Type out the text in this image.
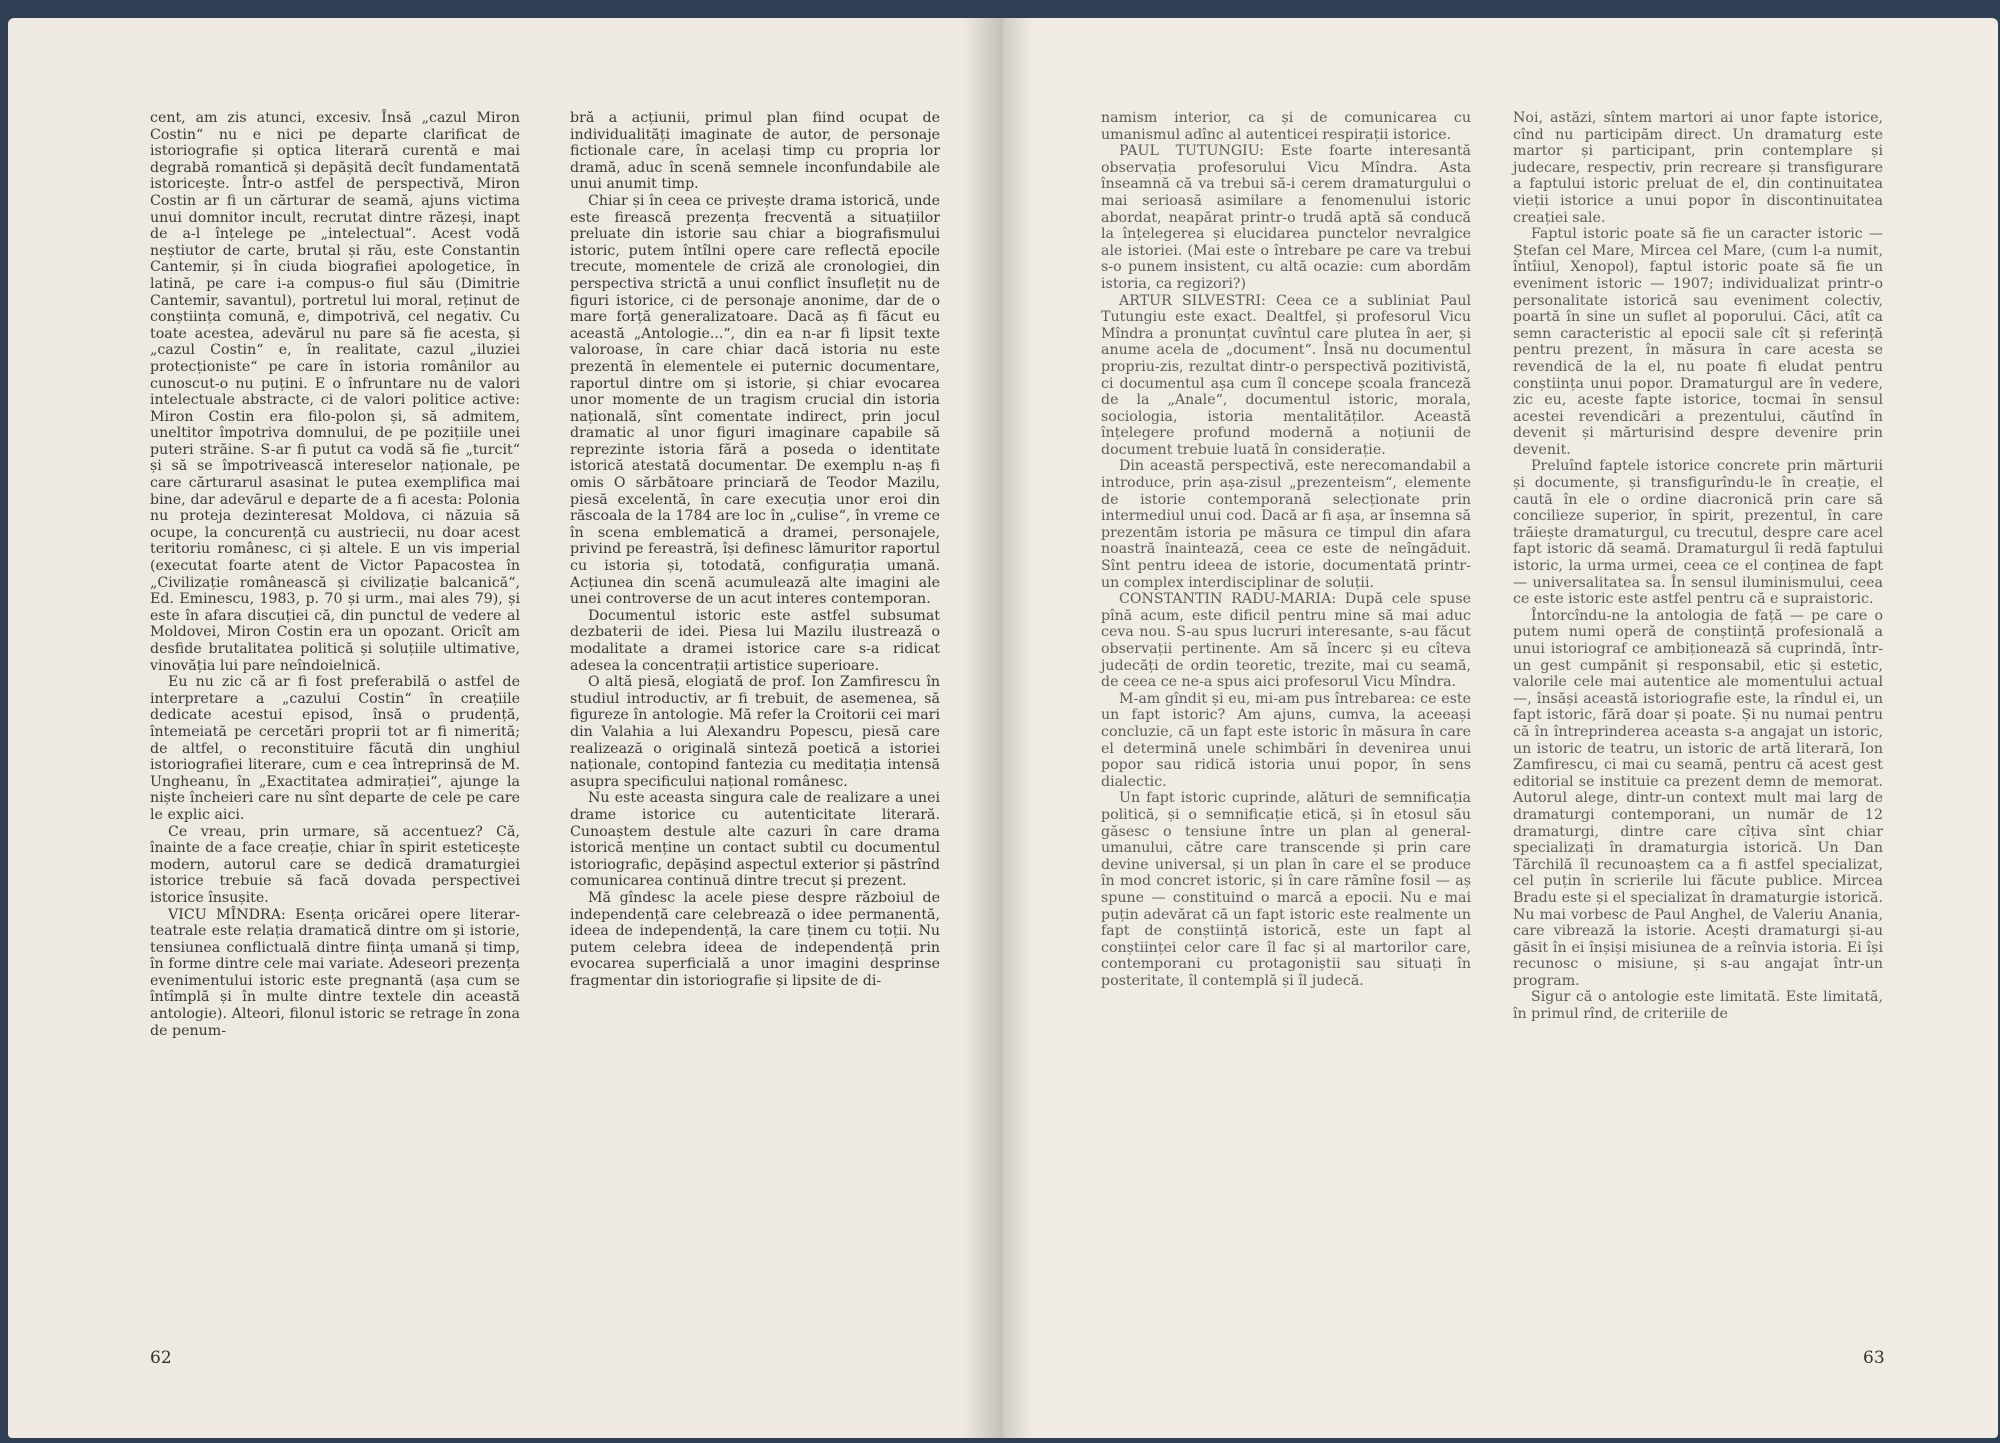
cent, am zis atunci, excesiv. Însă „cazul Miron Costin“ nu e nici pe departe clarificat de istoriografie și optica literară curentă e mai degrabă romantică și depășită decît fundamentată istoricește. Într-o astfel de perspectivă, Miron Costin ar fi un cărturar de seamă, ajuns victima unui domnitor incult, recrutat dintre răzeși, inapt de a-l înțelege pe „intelectual“. Acest vodă neștiutor de carte, brutal și rău, este Constantin Cantemir, și în ciuda biografiei apologetice, în latină, pe care i-a compus-o fiul său (Dimitrie Cantemir, savantul), portretul lui moral, reținut de conștiința comună, e, dimpotrivă, cel negativ. Cu toate acestea, adevărul nu pare să fie acesta, și „cazul Costin“ e, în realitate, cazul „iluziei protecționiste“ pe care în istoria românilor au cunoscut-o nu puțini. E o înfruntare nu de valori intelectuale abstracte, ci de valori politice active: Miron Costin era filo-polon și, să admitem, uneltitor împotriva domnului, de pe pozițiile unei puteri străine. S-ar fi putut ca vodă să fie „turcit“ și să se împotrivească intereselor naționale, pe care cărturarul asasinat le putea exemplifica mai bine, dar adevărul e departe de a fi acesta: Polonia nu proteja dezinteresat Moldova, ci năzuia să ocupe, la concurență cu austriecii, nu doar acest teritoriu românesc, ci și altele. E un vis imperial (executat foarte atent de Victor Papacostea în „Civilizație românească și civilizație balcanică“, Ed. Eminescu, 1983, p. 70 și urm., mai ales 79), și este în afara discuției că, din punctul de vedere al Moldovei, Miron Costin era un opozant. Oricît am desfide brutalitatea politică și soluțiile ultimative, vinovăția lui pare neîndoielnică.

Eu nu zic că ar fi fost preferabilă o astfel de interpretare a „cazului Costin“ în creațiile dedicate acestui episod, însă o prudență, întemeiată pe cercetări proprii tot ar fi nimerită; de altfel, o reconstituire făcută din unghiul istoriografiei literare, cum e cea întreprinsă de M. Ungheanu, în „Exactitatea admirației“, ajunge la niște încheieri care nu sînt departe de cele pe care le explic aici.

Ce vreau, prin urmare, să accentuez? Că, înainte de a face creație, chiar în spirit esteticește modern, autorul care se dedică dramaturgiei istorice trebuie să facă dovada perspectivei istorice însușite.

VICU MÎNDRA: Esența oricărei opere literar-teatrale este relația dramatică dintre om și istorie, tensiunea conflictuală dintre ființa umană și timp, în forme dintre cele mai variate. Adeseori prezența evenimentului istoric este pregnantă (așa cum se întîmplă și în multe dintre textele din această antologie). Alteori, filonul istoric se retrage în zona de penum-

bră a acțiunii, primul plan fiind ocupat de individualități imaginate de autor, de personaje fictionale care, în același timp cu propria lor dramă, aduc în scenă semnele inconfundabile ale unui anumit timp.

Chiar și în ceea ce privește drama istorică, unde este firească prezența frecventă a situațiilor preluate din istorie sau chiar a biografismului istoric, putem întîlni opere care reflectă epocile trecute, momentele de criză ale cronologiei, din perspectiva strictă a unui conflict însuflețit nu de figuri istorice, ci de personaje anonime, dar de o mare forță generalizatoare. Dacă aș fi făcut eu această „Antologie...“, din ea n-ar fi lipsit texte valoroase, în care chiar dacă istoria nu este prezentă în elementele ei puternic documentare, raportul dintre om și istorie, și chiar evocarea unor momente de un tragism crucial din istoria națională, sînt comentate indirect, prin jocul dramatic al unor figuri imaginare capabile să reprezinte istoria fără a poseda o identitate istorică atestată documentar. De exemplu n-aș fi omis O sărbătoare princiară de Teodor Mazilu, piesă excelentă, în care execuția unor eroi din răscoala de la 1784 are loc în „culise“, în vreme ce în scena emblematică a dramei, personajele, privind pe fereastră, își definesc lămuritor raportul cu istoria și, totodată, configurația umană. Acțiunea din scenă acumulează alte imagini ale unei controverse de un acut interes contemporan.

Documentul istoric este astfel subsumat dezbaterii de idei. Piesa lui Mazilu ilustrează o modalitate a dramei istorice care s-a ridicat adesea la concentrații artistice superioare.

O altă piesă, elogiată de prof. Ion Zamfirescu în studiul introductiv, ar fi trebuit, de asemenea, să figureze în antologie. Mă refer la Croitorii cei mari din Valahia a lui Alexandru Popescu, piesă care realizează o originală sinteză poetică a istoriei naționale, contopind fantezia cu meditația intensă asupra specificului național românesc.

Nu este aceasta singura cale de realizare a unei drame istorice cu autenticitate literară. Cunoaștem destule alte cazuri în care drama istorică menține un contact subtil cu documentul istoriografic, depășind aspectul exterior și păstrînd comunicarea continuă dintre trecut și prezent.

Mă gîndesc la acele piese despre războiul de independență care celebrează o idee permanentă, ideea de independență, la care ținem cu toții. Nu putem celebra ideea de independență prin evocarea superficială a unor imagini desprinse fragmentar din istoriografie și lipsite de di-

62

namism interior, ca și de comunicarea cu umanismul adînc al autenticei respirații istorice.

PAUL TUTUNGIU: Este foarte interesantă observația profesorului Vicu Mîndra. Asta înseamnă că va trebui să-i cerem dramaturgului o mai serioasă asimilare a fenomenului istoric abordat, neapărat printr-o trudă aptă să conducă la înțelegerea și elucidarea punctelor nevralgice ale istoriei. (Mai este o întrebare pe care va trebui s-o punem insistent, cu altă ocazie: cum abordăm istoria, ca regizori?)

ARTUR SILVESTRI: Ceea ce a subliniat Paul Tutungiu este exact. Dealtfel, și profesorul Vicu Mîndra a pronunțat cuvîntul care plutea în aer, și anume acela de „document“. Însă nu documentul propriu-zis, rezultat dintr-o perspectivă pozitivistă, ci documentul așa cum îl concepe școala franceză de la „Anale“, documentul istoric, morala, sociologia, istoria mentalităților. Această înțelegere profund modernă a noțiunii de document trebuie luată în considerație.

Din această perspectivă, este nerecomandabil a introduce, prin așa-zisul „prezenteism“, elemente de istorie contemporană selecționate prin intermediul unui cod. Dacă ar fi așa, ar însemna să prezentăm istoria pe măsura ce timpul din afara noastră înaintează, ceea ce este de neîngăduit. Sînt pentru ideea de istorie, documentată printr-un complex interdisciplinar de soluții.

CONSTANTIN RADU-MARIA: După cele spuse pînă acum, este dificil pentru mine să mai aduc ceva nou. S-au spus lucruri interesante, s-au făcut observații pertinente. Am să încerc și eu cîteva judecăți de ordin teoretic, trezite, mai cu seamă, de ceea ce ne-a spus aici profesorul Vicu Mîndra.

M-am gîndit și eu, mi-am pus întrebarea: ce este un fapt istoric? Am ajuns, cumva, la aceeași concluzie, că un fapt este istoric în măsura în care el determină unele schimbări în devenirea unui popor sau ridică istoria unui popor, în sens dialectic.

Un fapt istoric cuprinde, alături de semnificația politică, și o semnificație etică, și în etosul său găsesc o tensiune între un plan al general-umanului, către care transcende și prin care devine universal, și un plan în care el se produce în mod concret istoric, și în care rămîne fosil — aș spune — constituind o marcă a epocii. Nu e mai puțin adevărat că un fapt istoric este realmente un fapt de conștiință istorică, este un fapt al conștiinței celor care îl fac și al martorilor care, contemporani cu protagoniștii sau situați în posteritate, îl contemplă și îl judecă.

Noi, astăzi, sîntem martori ai unor fapte istorice, cînd nu participăm direct. Un dramaturg este martor și participant, prin contemplare și judecare, respectiv, prin recreare și transfigurare a faptului istoric preluat de el, din continuitatea vieții istorice a unui popor în discontinuitatea creației sale.

Faptul istoric poate să fie un caracter istoric — Ștefan cel Mare, Mircea cel Mare, (cum l-a numit, întîiul, Xenopol), faptul istoric poate să fie un eveniment istoric — 1907; individualizat printr-o personalitate istorică sau eveniment colectiv, poartă în sine un suflet al poporului. Căci, atît ca semn caracteristic al epocii sale cît și referință pentru prezent, în măsura în care acesta se revendică de la el, nu poate fi eludat pentru conștiința unui popor. Dramaturgul are în vedere, zic eu, aceste fapte istorice, tocmai în sensul acestei revendicări a prezentului, căutînd în devenit și mărturisind despre devenire prin devenit.

Preluînd faptele istorice concrete prin mărturii și documente, și transfigurîndu-le în creație, el caută în ele o ordine diacronică prin care să concilieze superior, în spirit, prezentul, în care trăiește dramaturgul, cu trecutul, despre care acel fapt istoric dă seamă. Dramaturgul îi redă faptului istoric, la urma urmei, ceea ce el conținea de fapt — universalitatea sa. În sensul iluminismului, ceea ce este istoric este astfel pentru că e supraistoric.

Întorcîndu-ne la antologia de față — pe care o putem numi operă de conștiință profesională a unui istoriograf ce ambiționează să cuprindă, într-un gest cumpănit și responsabil, etic și estetic, valorile cele mai autentice ale momentului actual —, însăși această istoriografie este, la rîndul ei, un fapt istoric, fără doar și poate. Și nu numai pentru că în întreprinderea aceasta s-a angajat un istoric, un istoric de teatru, un istoric de artă literară, Ion Zamfirescu, ci mai cu seamă, pentru că acest gest editorial se instituie ca prezent demn de memorat. Autorul alege, dintr-un context mult mai larg de dramaturgi contemporani, un număr de 12 dramaturgi, dintre care cîțiva sînt chiar specializați în dramaturgia istorică. Un Dan Tărchilă îl recunoaștem ca a fi astfel specializat, cel puțin în scrierile lui făcute publice. Mircea Bradu este și el specializat în dramaturgie istorică. Nu mai vorbesc de Paul Anghel, de Valeriu Anania, care vibrează la istorie. Acești dramaturgi și-au găsit în ei înșiși misiunea de a reînvia istoria. Ei își recunosc o misiune, și s-au angajat într-un program.

Sigur că o antologie este limitată. Este limitată, în primul rînd, de criteriile de

63
